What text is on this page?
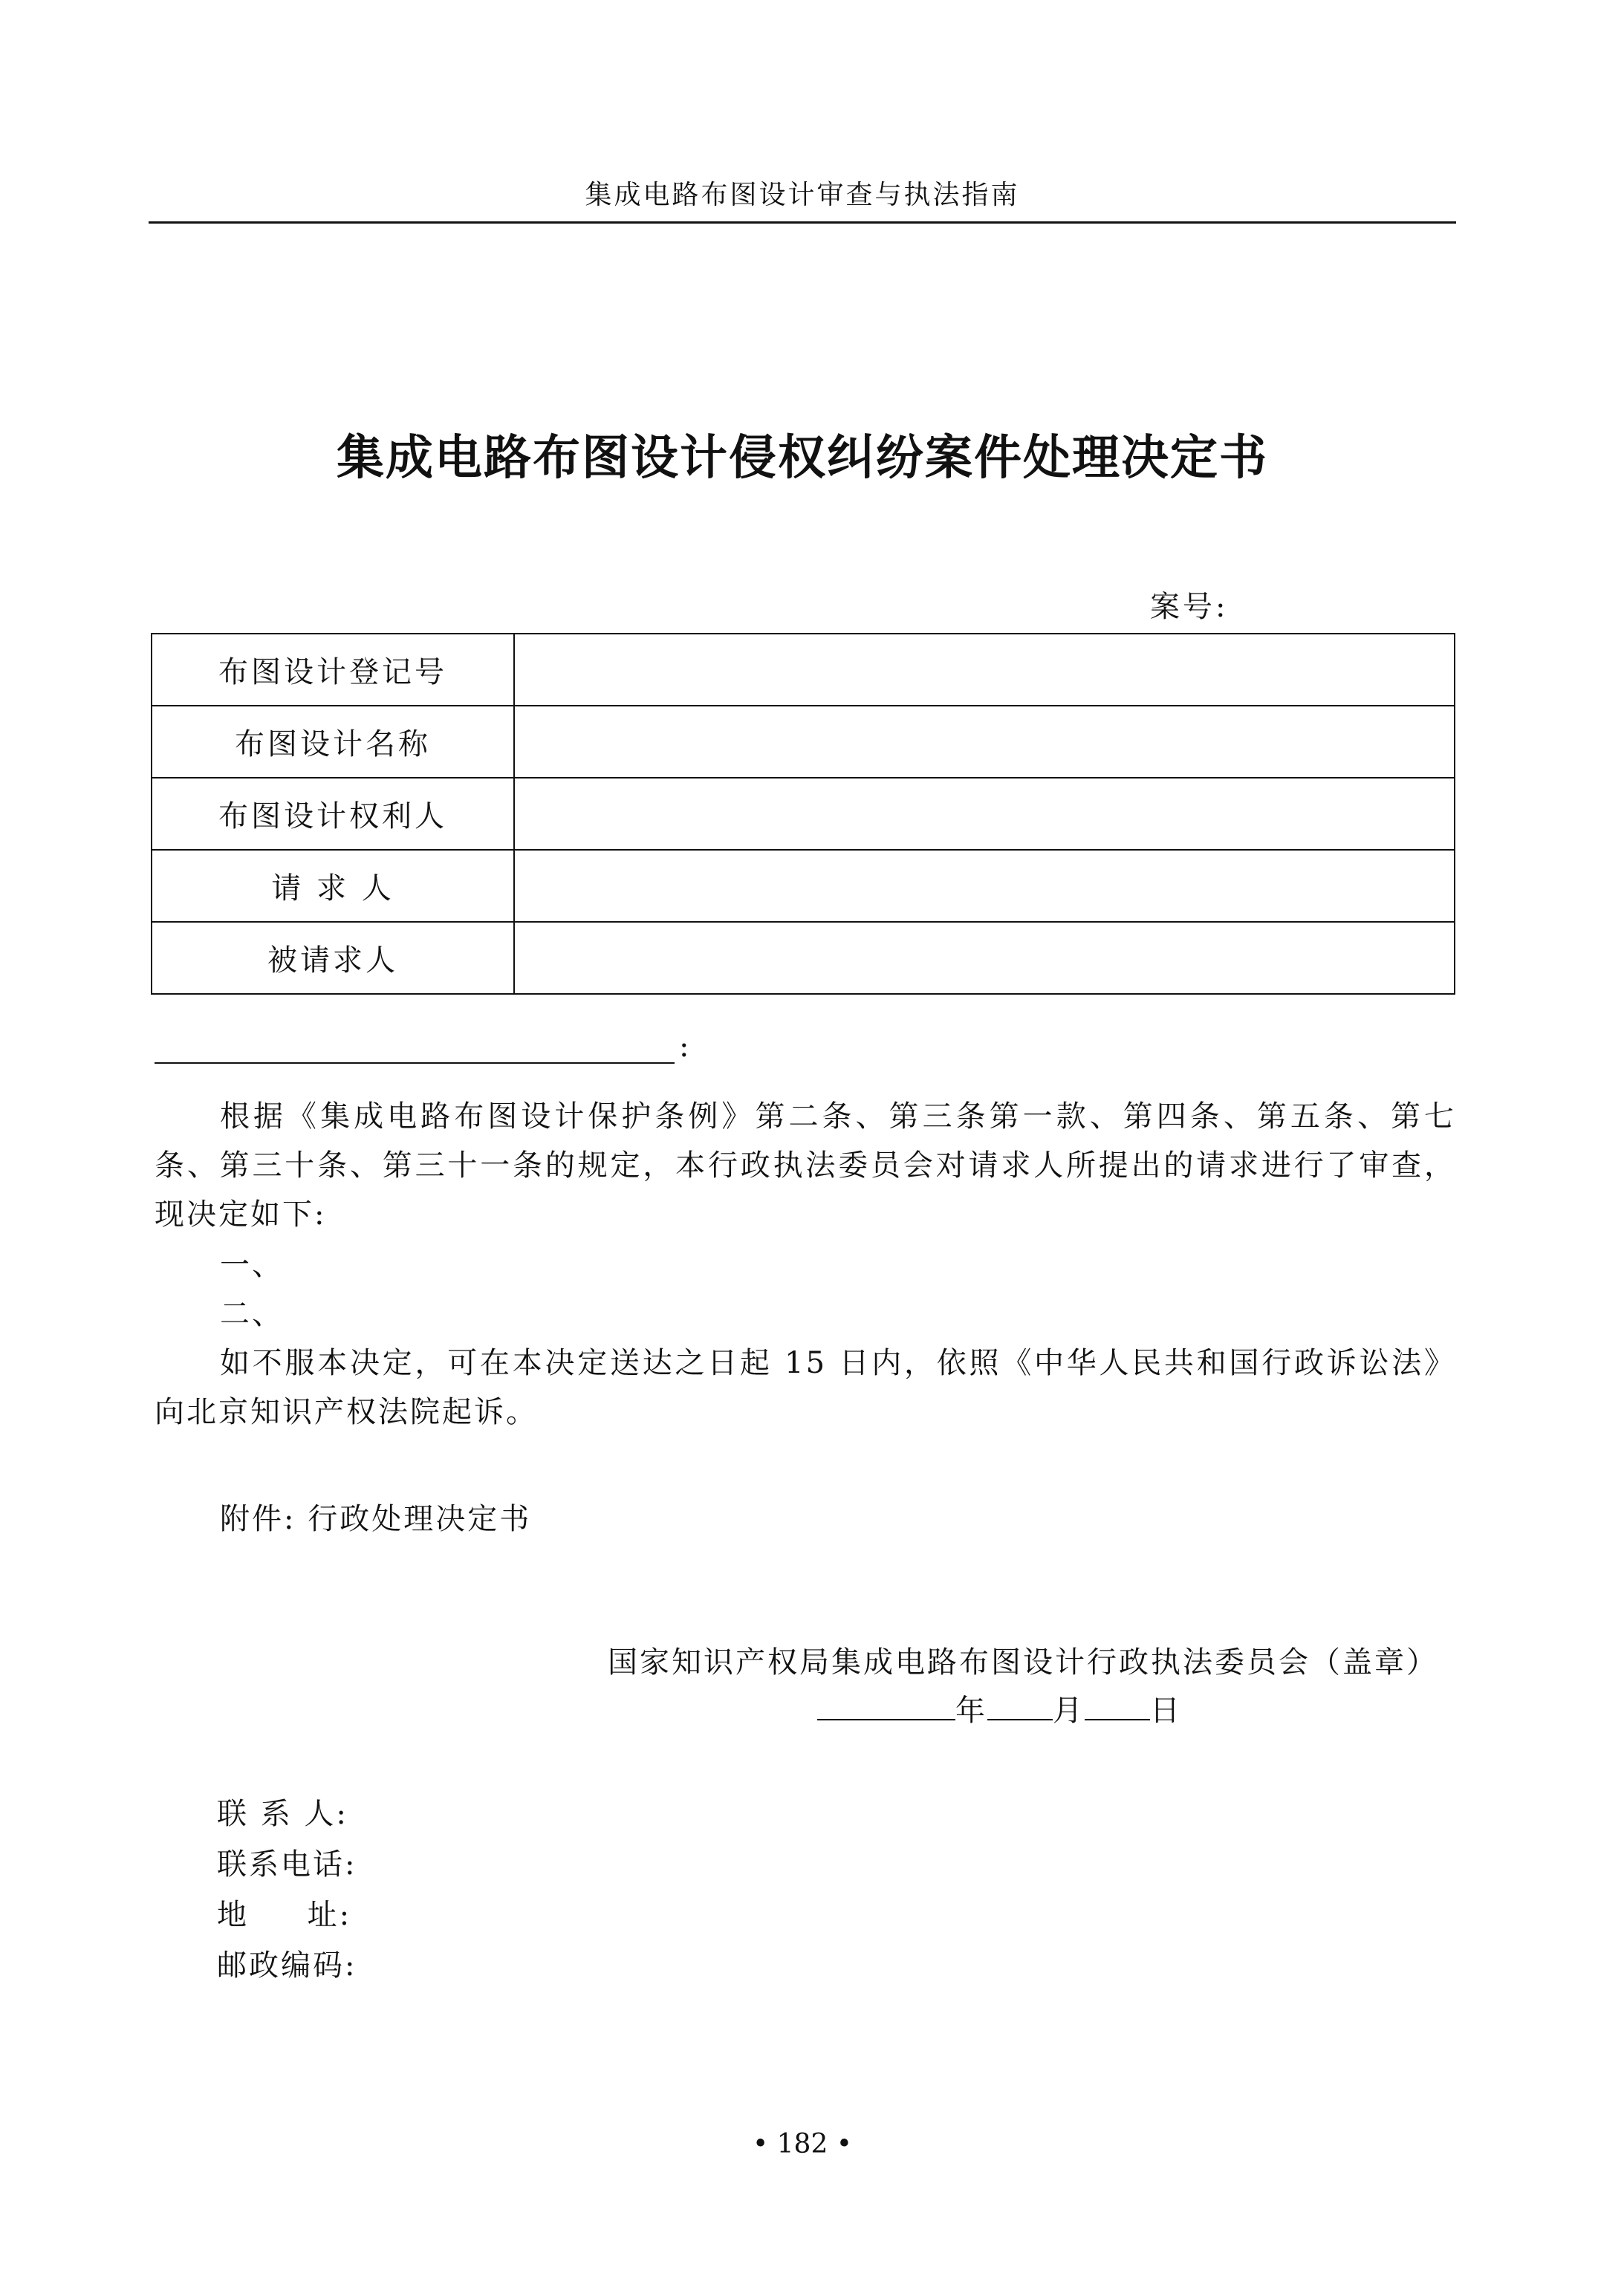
集成电路布图设计审查与执法指南
集成电路布图设计侵权纠纷案件处理决定书
案号:
布图设计登记号	
布图设计名称	
布图设计权利人	
请 求 人	
被请求人	
:

根据《集成电路布图设计保护条例》第二条、第三条第一款、第四条、第五条、第七条、第三十条、第三十一条的规定，本行政执法委员会对请求人所提出的请求进行了审查，现决定如下:

一、

二、

如不服本决定，可在本决定送达之日起 15 日内，依照《中华人民共和国行政诉讼法》向北京知识产权法院起诉。

附件: 行政处理决定书

国家知识产权局集成电路布图设计行政执法委员会（盖章）
年 月 日
联 系 人:
联系电话:
地     址:
邮政编码:
• 182 •
